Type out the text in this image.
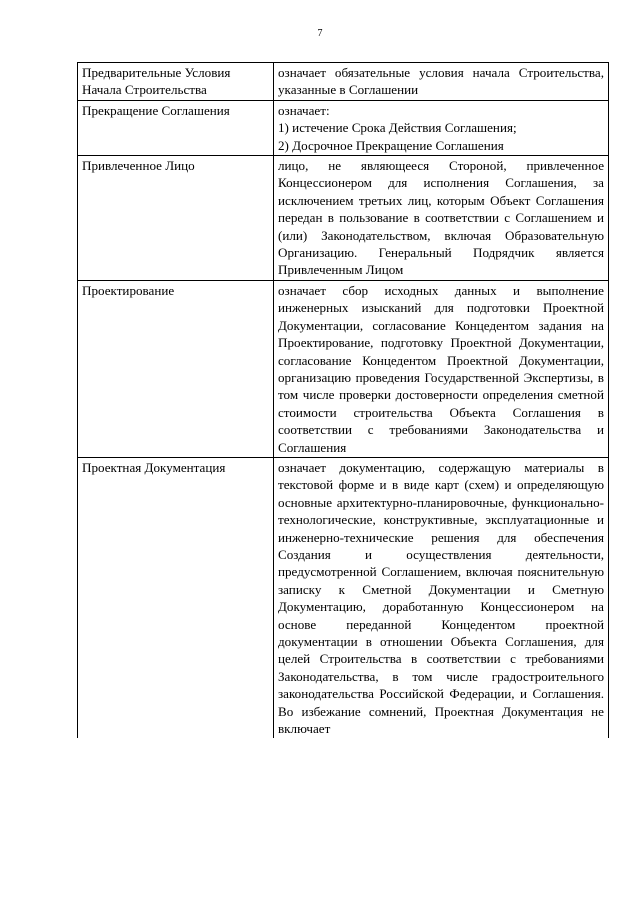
7
Предварительные Условия Начала Строительства	означает обязательные условия начала Строительства, указанные в Соглашении
Прекращение Соглашения	означает:
1) истечение Срока Действия Соглашения;
2) Досрочное Прекращение Соглашения

Привлеченное Лицо	лицо, не являющееся Стороной, привлеченное Концессионером для исполнения Соглашения, за исключением третьих лиц, которым Объект Соглашения передан в пользование в соответствии с Соглашением и (или) Законодательством, включая Образовательную Организацию. Генеральный Подрядчик является Привлеченным Лицом
Проектирование	означает сбор исходных данных и выполнение инженерных изысканий для подготовки Проектной Документации, согласование Концедентом задания на Проектирование, подготовку Проектной Документации, согласование Концедентом Проектной Документации, организацию проведения Государственной Экспертизы, в том числе проверки достоверности определения сметной стоимости строительства Объекта Соглашения в соответствии с требованиями Законодательства и Соглашения
Проектная Документация	означает документацию, содержащую материалы в текстовой форме и в виде карт (схем) и определяющую основные архитектурно-планировочные, функционально-технологические, конструктивные, эксплуатационные и инженерно-технические решения для обеспечения Создания и осуществления деятельности, предусмотренной Соглашением, включая пояснительную записку к Сметной Документации и Сметную Документацию, доработанную Концессионером на основе переданной Концедентом проектной документации в отношении Объекта Соглашения, для целей Строительства в соответствии с требованиями Законодательства, в том числе градостроительного законодательства Российской Федерации, и Соглашения. Во избежание сомнений, Проектная Документация не включает
